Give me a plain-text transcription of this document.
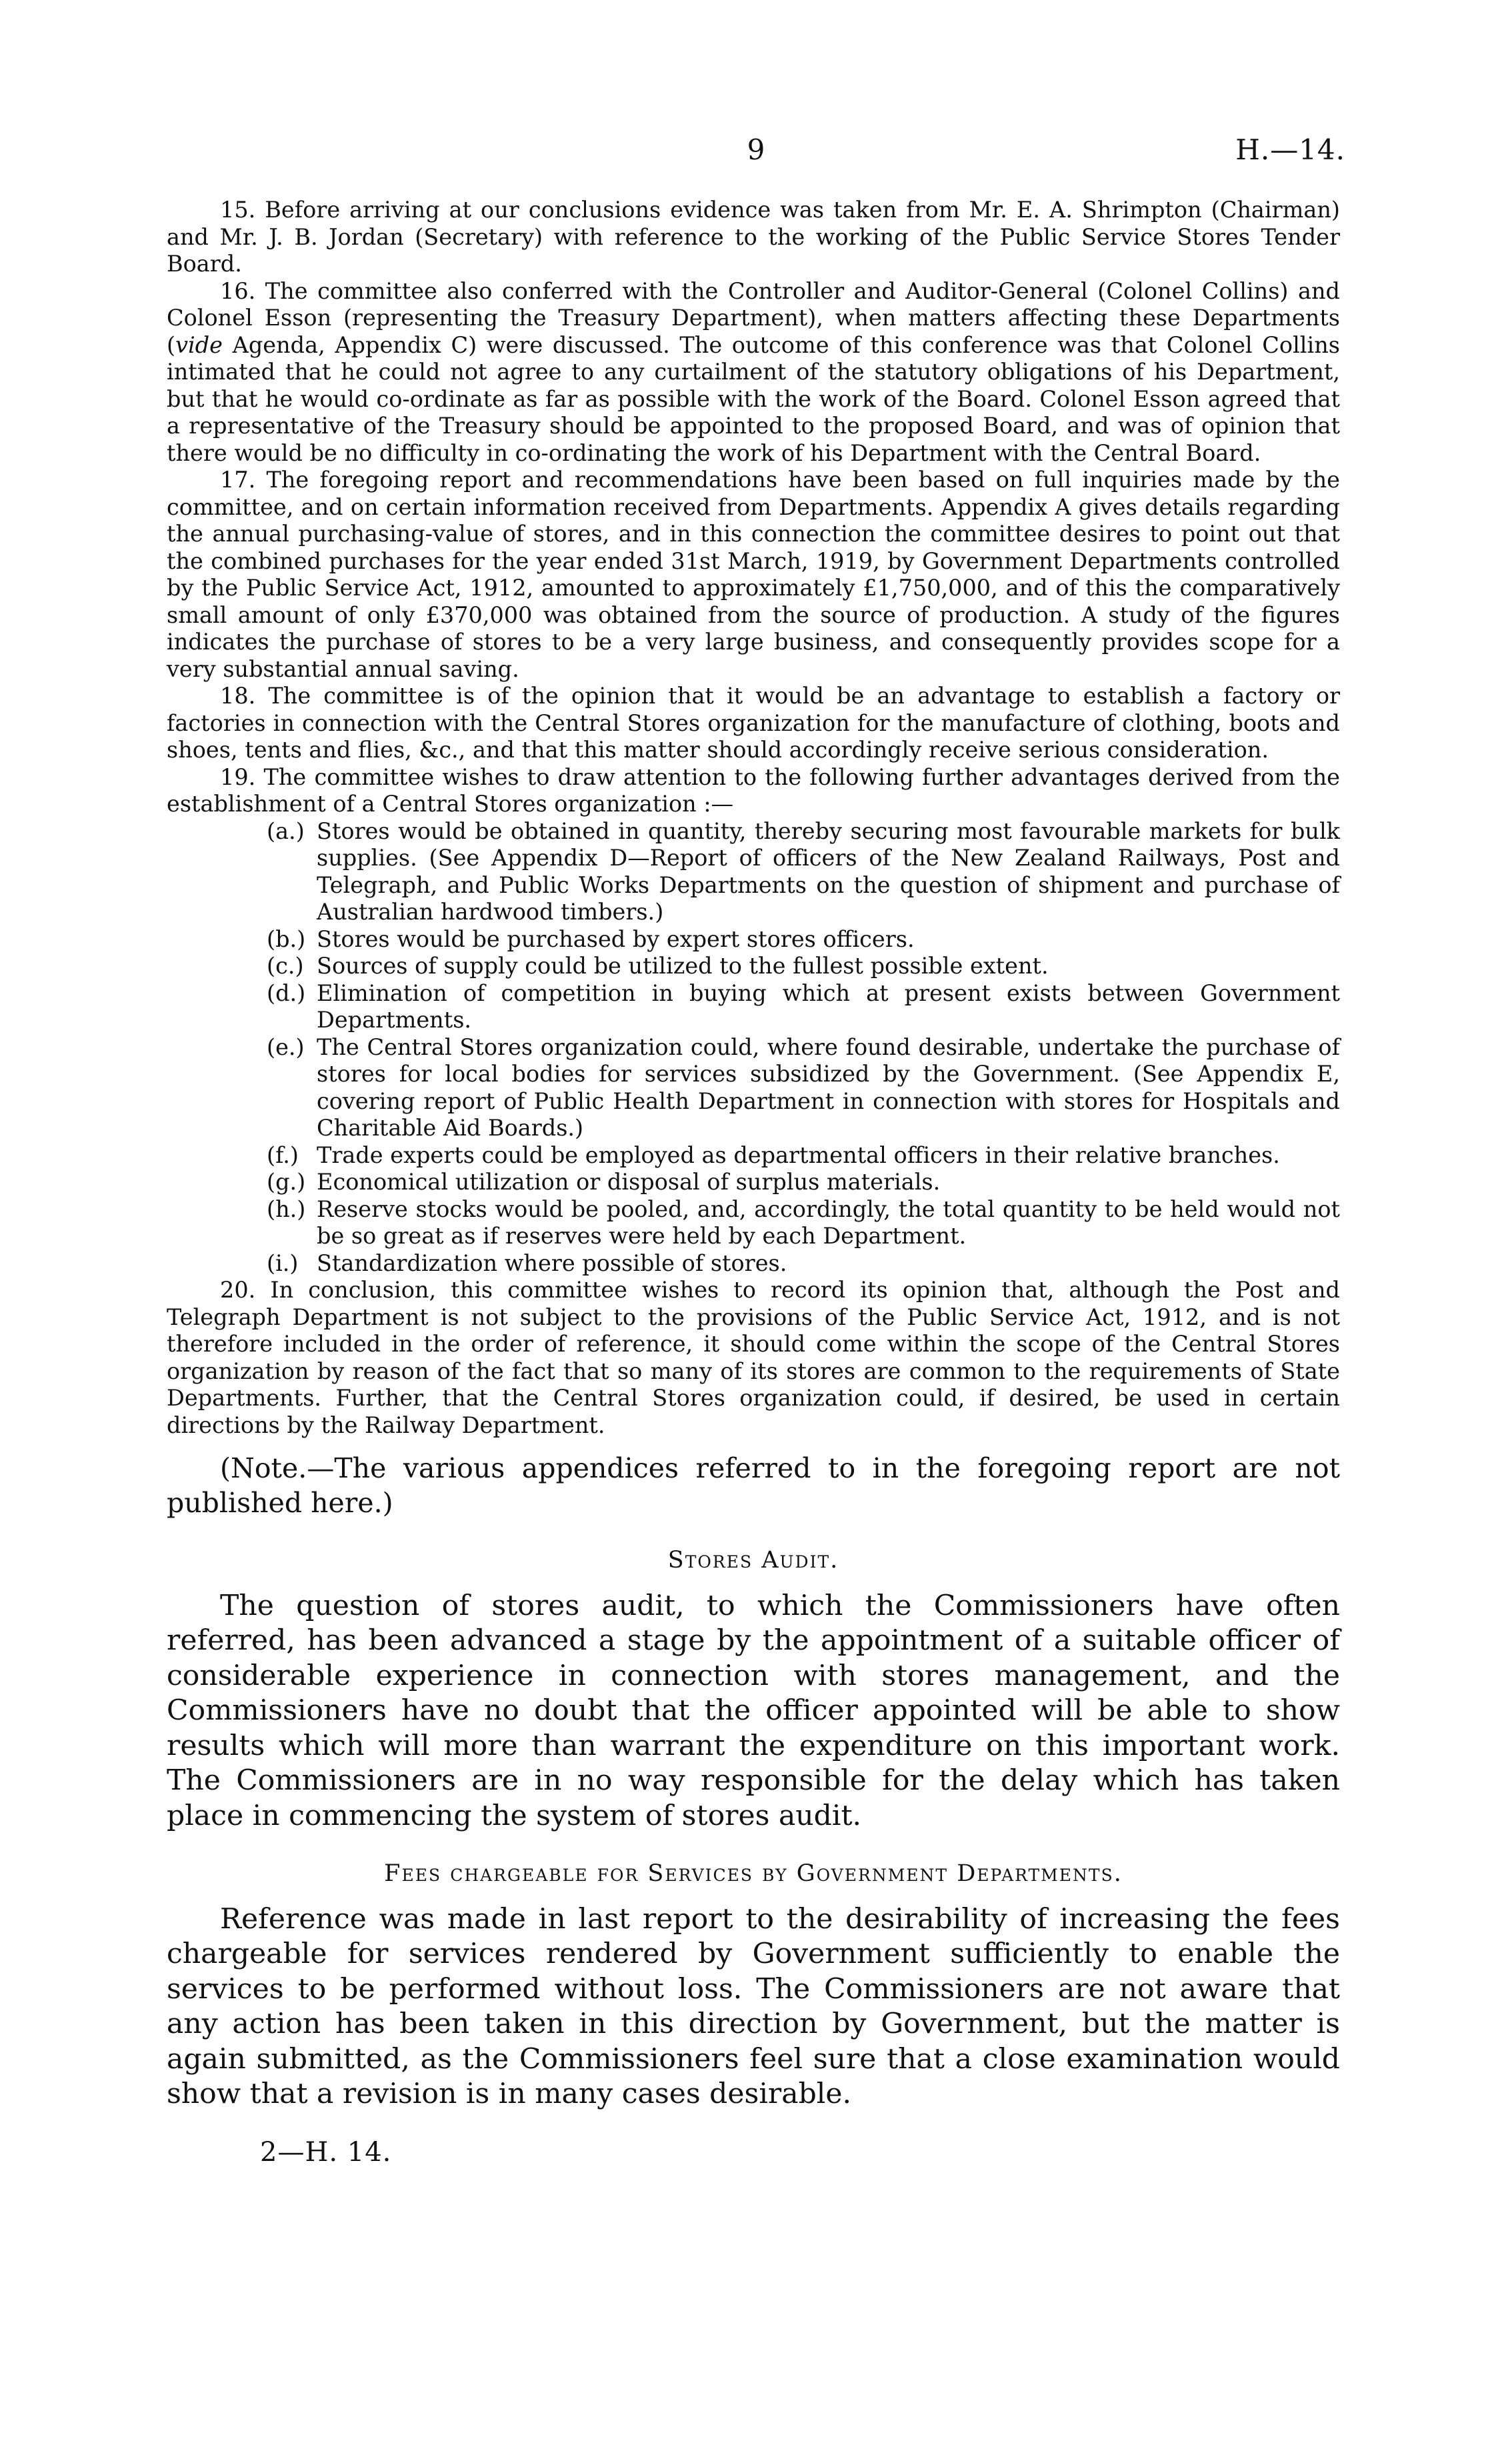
9	H.—14.

15. Before arriving at our conclusions evidence was taken from Mr. E. A. Shrimpton (Chairman) and Mr. J. B. Jordan (Secretary) with reference to the working of the Public Service Stores Tender Board.

16. The committee also conferred with the Controller and Auditor-General (Colonel Collins) and Colonel Esson (representing the Treasury Department), when matters affecting these Departments (vide Agenda, Appendix C) were discussed. The outcome of this conference was that Colonel Collins intimated that he could not agree to any curtailment of the statutory obligations of his Department, but that he would co-ordinate as far as possible with the work of the Board. Colonel Esson agreed that a representative of the Treasury should be appointed to the proposed Board, and was of opinion that there would be no difficulty in co-ordinating the work of his Department with the Central Board.

17. The foregoing report and recommendations have been based on full inquiries made by the committee, and on certain information received from Departments. Appendix A gives details regarding the annual purchasing-value of stores, and in this connection the committee desires to point out that the combined purchases for the year ended 31st March, 1919, by Government Departments controlled by the Public Service Act, 1912, amounted to approximately £1,750,000, and of this the comparatively small amount of only £370,000 was obtained from the source of production. A study of the figures indicates the purchase of stores to be a very large business, and consequently provides scope for a very substantial annual saving.

18. The committee is of the opinion that it would be an advantage to establish a factory or factories in connection with the Central Stores organization for the manufacture of clothing, boots and shoes, tents and flies, &c., and that this matter should accordingly receive serious consideration.

19. The committee wishes to draw attention to the following further advantages derived from the establishment of a Central Stores organization :—

(a.) Stores would be obtained in quantity, thereby securing most favourable markets for bulk supplies. (See Appendix D—Report of officers of the New Zealand Railways, Post and Telegraph, and Public Works Departments on the question of shipment and purchase of Australian hardwood timbers.)
(b.) Stores would be purchased by expert stores officers.
(c.) Sources of supply could be utilized to the fullest possible extent.
(d.) Elimination of competition in buying which at present exists between Government Departments.
(e.) The Central Stores organization could, where found desirable, undertake the purchase of stores for local bodies for services subsidized by the Government. (See Appendix E, covering report of Public Health Department in connection with stores for Hospitals and Charitable Aid Boards.)
(f.) Trade experts could be employed as departmental officers in their relative branches.
(g.) Economical utilization or disposal of surplus materials.
(h.) Reserve stocks would be pooled, and, accordingly, the total quantity to be held would not be so great as if reserves were held by each Department.
(i.) Standardization where possible of stores.

20. In conclusion, this committee wishes to record its opinion that, although the Post and Telegraph Department is not subject to the provisions of the Public Service Act, 1912, and is not therefore included in the order of reference, it should come within the scope of the Central Stores organization by reason of the fact that so many of its stores are common to the requirements of State Departments. Further, that the Central Stores organization could, if desired, be used in certain directions by the Railway Department.

(Note.—The various appendices referred to in the foregoing report are not published here.)

Stores Audit.

The question of stores audit, to which the Commissioners have often referred, has been advanced a stage by the appointment of a suitable officer of considerable experience in connection with stores management, and the Commissioners have no doubt that the officer appointed will be able to show results which will more than warrant the expenditure on this important work. The Commissioners are in no way responsible for the delay which has taken place in commencing the system of stores audit.

Fees chargeable for Services by Government Departments.

Reference was made in last report to the desirability of increasing the fees chargeable for services rendered by Government sufficiently to enable the services to be performed without loss. The Commissioners are not aware that any action has been taken in this direction by Government, but the matter is again submitted, as the Commissioners feel sure that a close examination would show that a revision is in many cases desirable.

2—H. 14.
